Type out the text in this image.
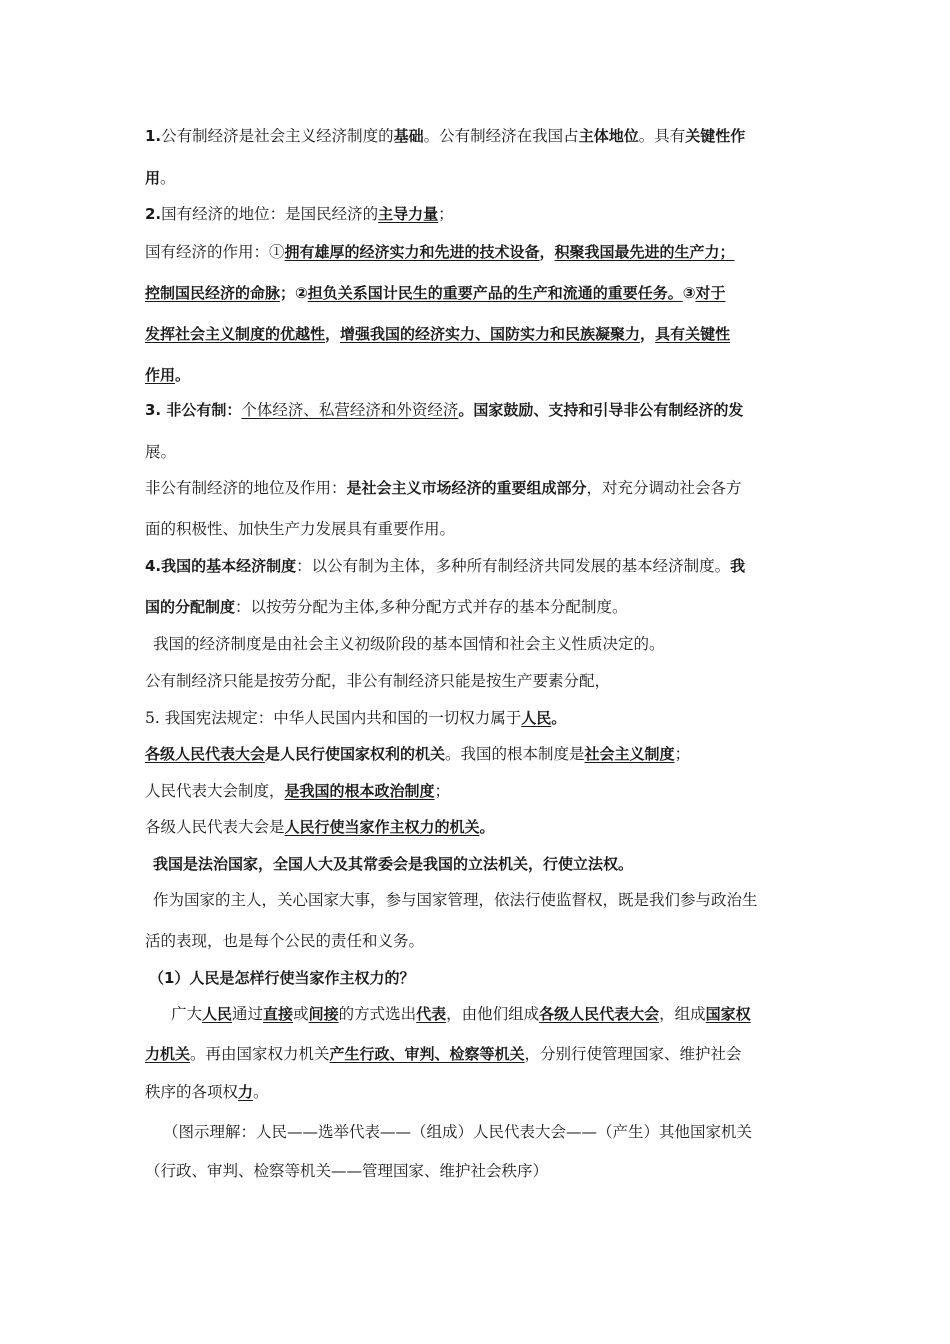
1.公有制经济是社会主义经济制度的基础。公有制经济在我国占主体地位。具有关键性作
用。
2.国有经济的地位：是国民经济的主导力量；
国有经济的作用：①拥有雄厚的经济实力和先进的技术设备，积聚我国最先进的生产力；
控制国民经济的命脉；②担负关系国计民生的重要产品的生产和流通的重要任务。③对于
发挥社会主义制度的优越性，增强我国的经济实力、国防实力和民族凝聚力，具有关键性
作用。
3. 非公有制：个体经济、私营经济和外资经济。国家鼓励、支持和引导非公有制经济的发
展。
非公有制经济的地位及作用：是社会主义市场经济的重要组成部分，对充分调动社会各方
面的积极性、加快生产力发展具有重要作用。
4.我国的基本经济制度：以公有制为主体，多种所有制经济共同发展的基本经济制度。我
国的分配制度：以按劳分配为主体,多种分配方式并存的基本分配制度。
我国的经济制度是由社会主义初级阶段的基本国情和社会主义性质决定的。
公有制经济只能是按劳分配，非公有制经济只能是按生产要素分配，
5. 我国宪法规定：中华人民国内共和国的一切权力属于人民。
各级人民代表大会是人民行使国家权利的机关。我国的根本制度是社会主义制度；
人民代表大会制度，是我国的根本政治制度；
各级人民代表大会是人民行使当家作主权力的机关。
我国是法治国家，全国人大及其常委会是我国的立法机关，行使立法权。
作为国家的主人，关心国家大事，参与国家管理，依法行使监督权，既是我们参与政治生
活的表现，也是每个公民的责任和义务。
（1）人民是怎样行使当家作主权力的？
广大人民通过直接或间接的方式选出代表，由他们组成各级人民代表大会，组成国家权
力机关。再由国家权力机关产生行政、审判、检察等机关，分别行使管理国家、维护社会
秩序的各项权力。
（图示理解：人民——选举代表——（组成）人民代表大会——（产生）其他国家机关
（行政、审判、检察等机关——管理国家、维护社会秩序）
